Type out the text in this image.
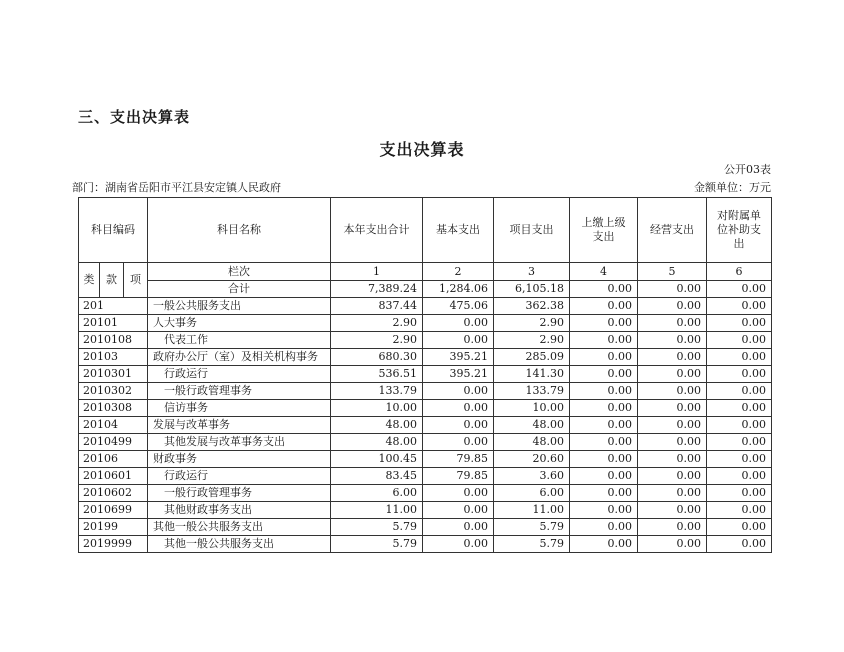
三、支出决算表
支出决算表
公开03表
部门：湖南省岳阳市平江县安定镇人民政府	金额单位：万元
科目编码			科目名称	本年支出合计	基本支出	项目支出	上缴上级支出	经营支出	对附属单位补助支出
类	款	项	栏次	1	2	3	4	5	6
			合计	7,389.24	1,284.06	6,105.18	0.00	0.00	0.00
201			一般公共服务支出	837.44	475.06	362.38	0.00	0.00	0.00
20101			人大事务	2.90	0.00	2.90	0.00	0.00	0.00
2010108			代表工作	2.90	0.00	2.90	0.00	0.00	0.00
20103			政府办公厅（室）及相关机构事务	680.30	395.21	285.09	0.00	0.00	0.00
2010301			行政运行	536.51	395.21	141.30	0.00	0.00	0.00
2010302			一般行政管理事务	133.79	0.00	133.79	0.00	0.00	0.00
2010308			信访事务	10.00	0.00	10.00	0.00	0.00	0.00
20104			发展与改革事务	48.00	0.00	48.00	0.00	0.00	0.00
2010499			其他发展与改革事务支出	48.00	0.00	48.00	0.00	0.00	0.00
20106			财政事务	100.45	79.85	20.60	0.00	0.00	0.00
2010601			行政运行	83.45	79.85	3.60	0.00	0.00	0.00
2010602			一般行政管理事务	6.00	0.00	6.00	0.00	0.00	0.00
2010699			其他财政事务支出	11.00	0.00	11.00	0.00	0.00	0.00
20199			其他一般公共服务支出	5.79	0.00	5.79	0.00	0.00	0.00
2019999			其他一般公共服务支出	5.79	0.00	5.79	0.00	0.00	0.00
